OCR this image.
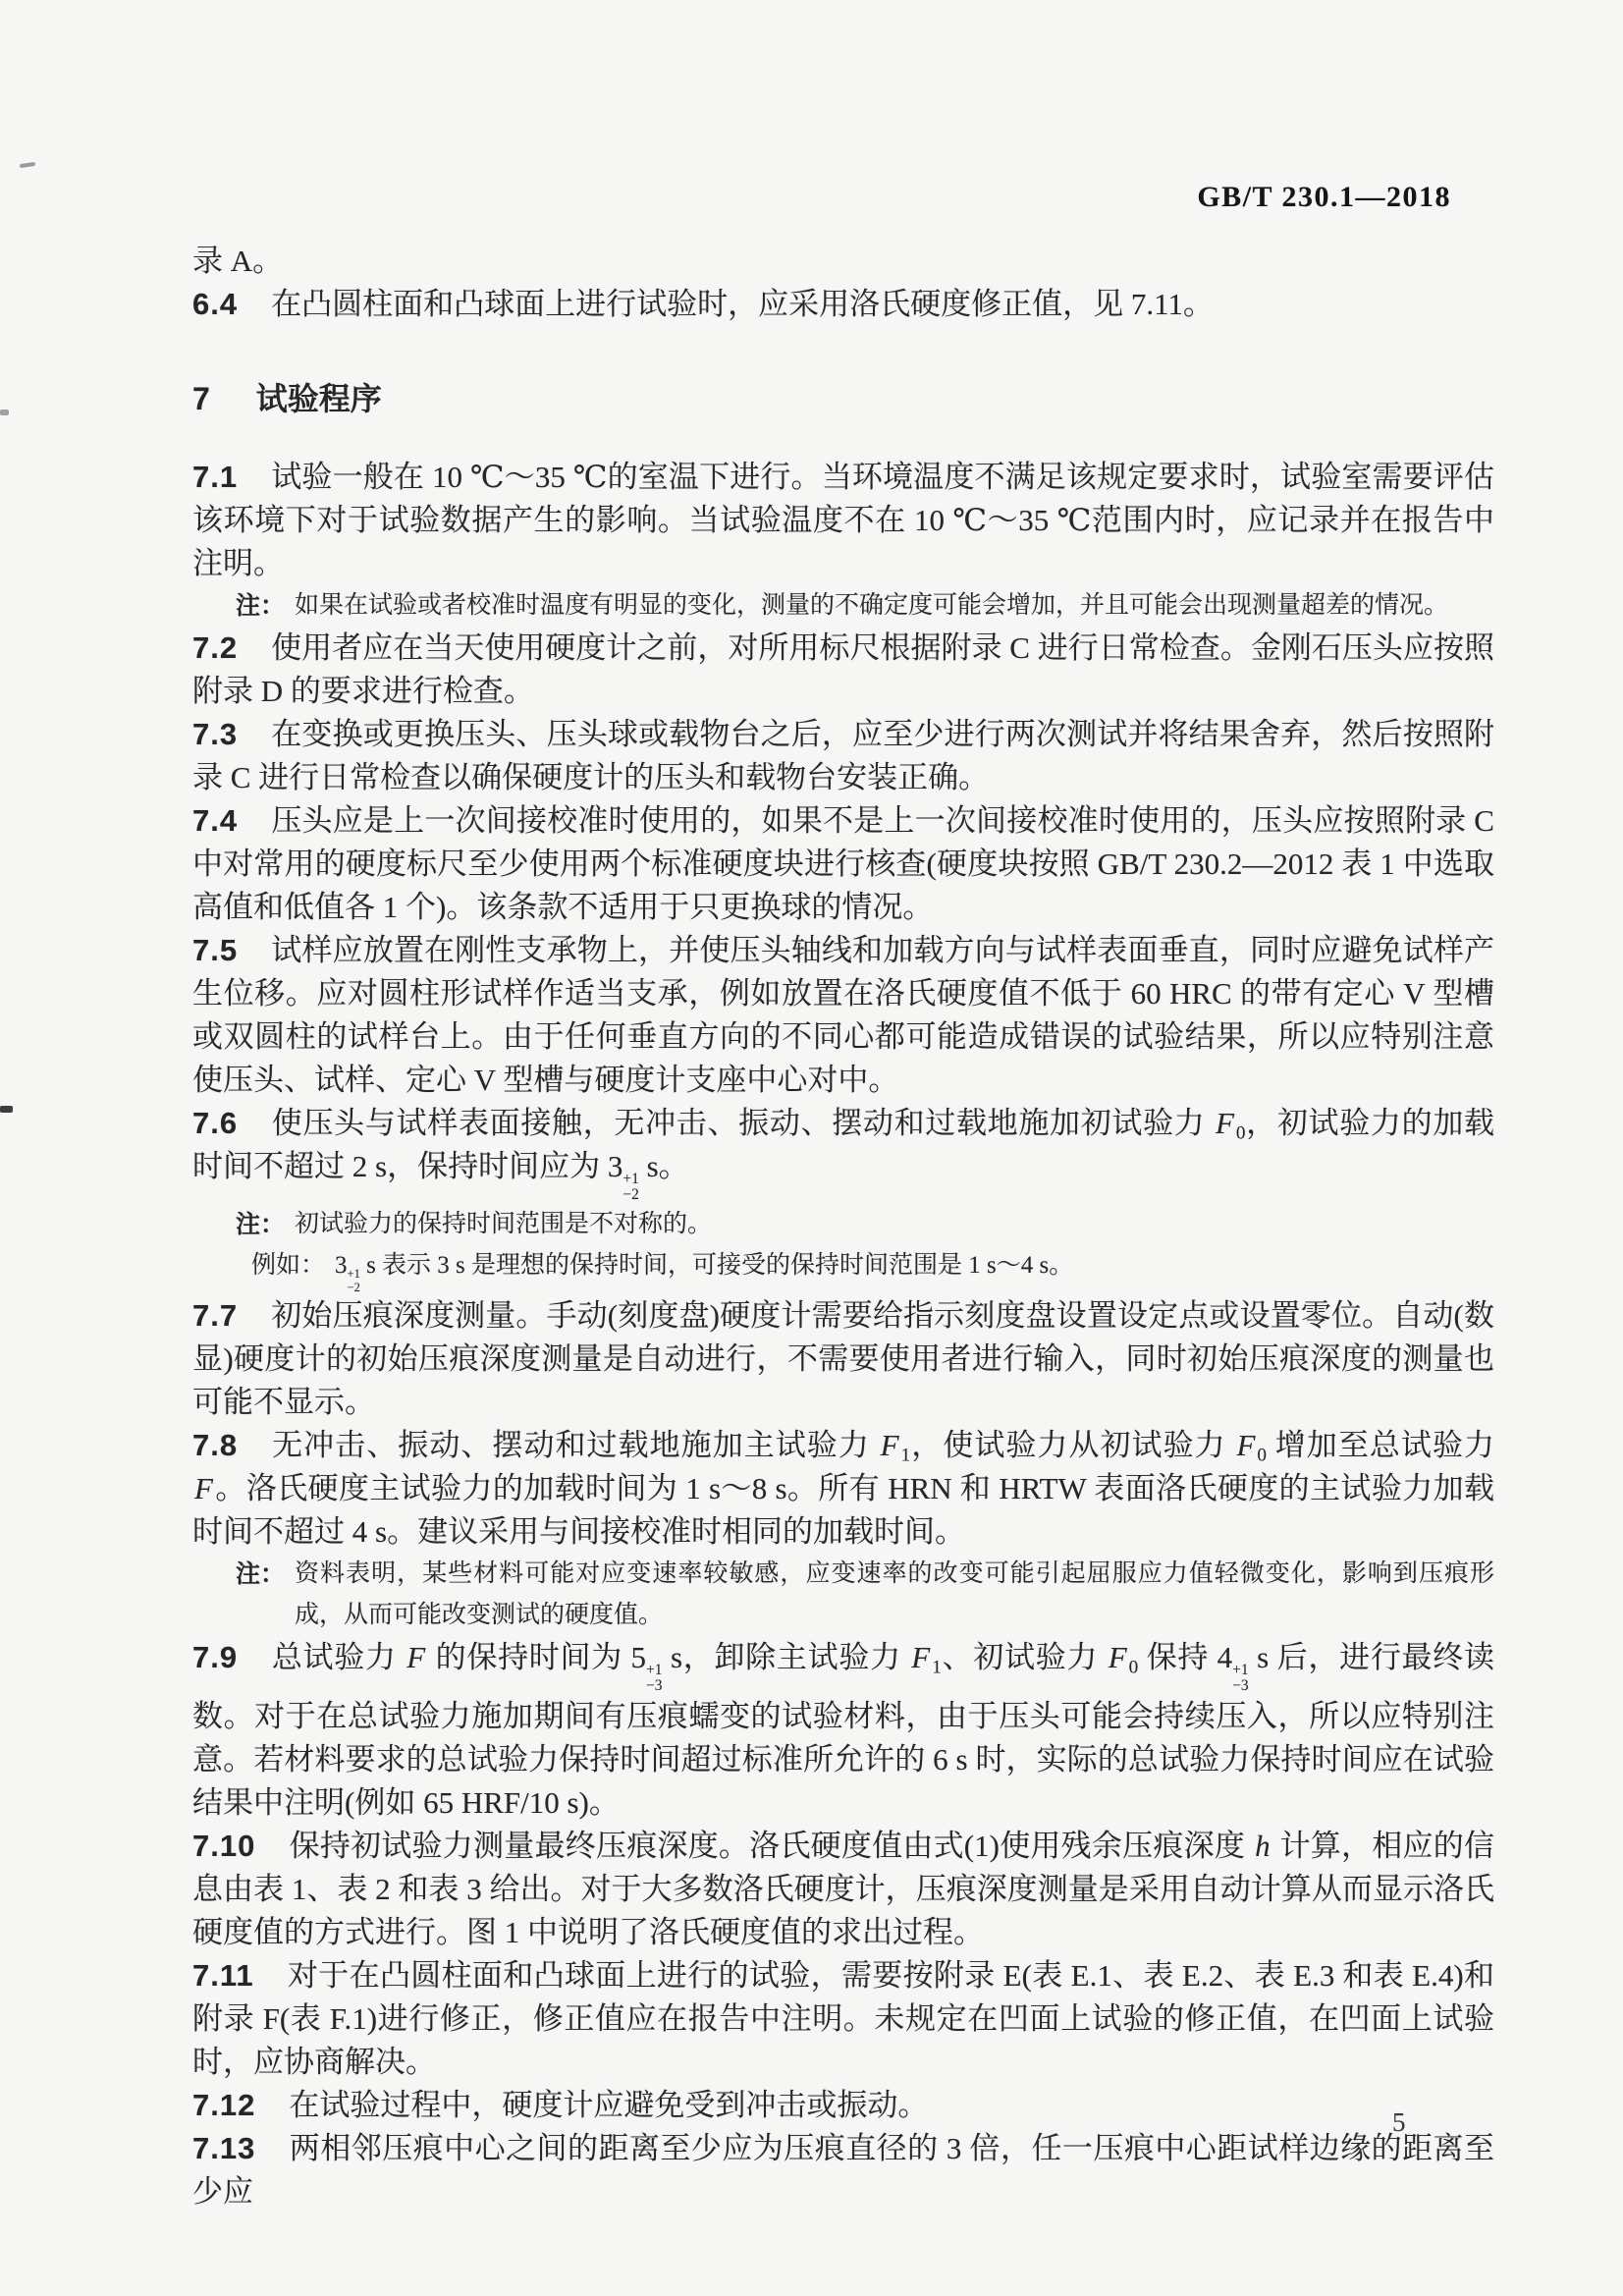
GB/T 230.1—2018

录 A。

6.4 在凸圆柱面和凸球面上进行试验时，应采用洛氏硬度修正值，见 7.11。

7 试验程序

7.1 试验一般在 10 ℃～35 ℃的室温下进行。当环境温度不满足该规定要求时，试验室需要评估该环境下对于试验数据产生的影响。当试验温度不在 10 ℃～35 ℃范围内时，应记录并在报告中注明。

注： 如果在试验或者校准时温度有明显的变化，测量的不确定度可能会增加，并且可能会出现测量超差的情况。

7.2 使用者应在当天使用硬度计之前，对所用标尺根据附录 C 进行日常检查。金刚石压头应按照附录 D 的要求进行检查。

7.3 在变换或更换压头、压头球或载物台之后，应至少进行两次测试并将结果舍弃，然后按照附录 C 进行日常检查以确保硬度计的压头和载物台安装正确。

7.4 压头应是上一次间接校准时使用的，如果不是上一次间接校准时使用的，压头应按照附录 C 中对常用的硬度标尺至少使用两个标准硬度块进行核查(硬度块按照 GB/T 230.2—2012 表 1 中选取高值和低值各 1 个)。该条款不适用于只更换球的情况。

7.5 试样应放置在刚性支承物上，并使压头轴线和加载方向与试样表面垂直，同时应避免试样产生位移。应对圆柱形试样作适当支承，例如放置在洛氏硬度值不低于 60 HRC 的带有定心 V 型槽或双圆柱的试样台上。由于任何垂直方向的不同心都可能造成错误的试验结果，所以应特别注意使压头、试样、定心 V 型槽与硬度计支座中心对中。

7.6 使压头与试样表面接触，无冲击、振动、摆动和过载地施加初试验力 F $_0$，初试验力的加载时间不超过 2 s，保持时间应为 3 +1
−2
s。

注： 初试验力的保持时间范围是不对称的。
例如： 3 +1
−2
s 表示 3 s 是理想的保持时间，可接受的保持时间范围是 1 s～4 s。

7.7 初始压痕深度测量。手动(刻度盘)硬度计需要给指示刻度盘设置设定点或设置零位。自动(数显)硬度计的初始压痕深度测量是自动进行，不需要使用者进行输入，同时初始压痕深度的测量也可能不显示。

7.8 无冲击、振动、摆动和过载地施加主试验力 F $_1$，使试验力从初试验力 F $_0$ 增加至总试验力 F。洛氏硬度主试验力的加载时间为 1 s～8 s。所有 HRN 和 HRTW 表面洛氏硬度的主试验力加载时间不超过 4 s。建议采用与间接校准时相同的加载时间。

注： 资料表明，某些材料可能对应变速率较敏感，应变速率的改变可能引起屈服应力值轻微变化，影响到压痕形成，从而可能改变测试的硬度值。

7.9 总试验力 F 的保持时间为 5 +1
−3
s，卸除主试验力 F $_1$、初试验力 F $_0$ 保持 4 +1
−3
s 后，进行最终读数。对于在总试验力施加期间有压痕蠕变的试验材料，由于压头可能会持续压入，所以应特别注意。若材料要求的总试验力保持时间超过标准所允许的 6 s 时，实际的总试验力保持时间应在试验结果中注明(例如 65 HRF/10 s)。

7.10 保持初试验力测量最终压痕深度。洛氏硬度值由式(1)使用残余压痕深度 h 计算，相应的信息由表 1、表 2 和表 3 给出。对于大多数洛氏硬度计，压痕深度测量是采用自动计算从而显示洛氏硬度值的方式进行。图 1 中说明了洛氏硬度值的求出过程。

7.11 对于在凸圆柱面和凸球面上进行的试验，需要按附录 E(表 E.1、表 E.2、表 E.3 和表 E.4)和附录 F(表 F.1)进行修正，修正值应在报告中注明。未规定在凹面上试验的修正值，在凹面上试验时，应协商解决。

7.12 在试验过程中，硬度计应避免受到冲击或振动。

7.13 两相邻压痕中心之间的距离至少应为压痕直径的 3 倍，任一压痕中心距试样边缘的距离至少应

5
